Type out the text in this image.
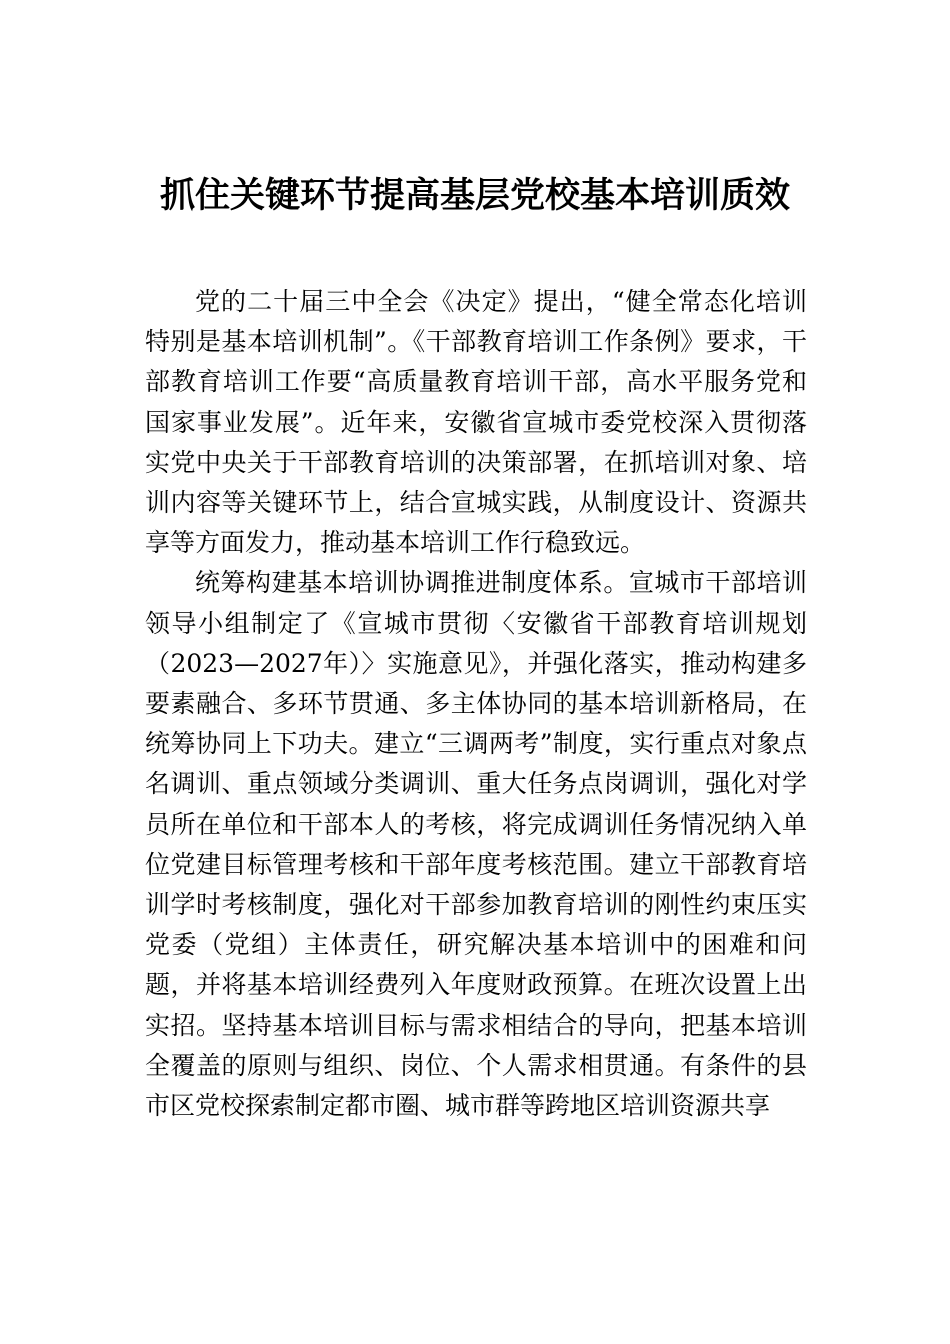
抓住关键环节提高基层党校基本培训质效

党的二十届三中全会《决定》提出，“健全常态化培训特别是基本培训机制”。《干部教育培训工作条例》要求，干部教育培训工作要“高质量教育培训干部，高水平服务党和国家事业发展”。近年来，安徽省宣城市委党校深入贯彻落实党中央关于干部教育培训的决策部署，在抓培训对象、培训内容等关键环节上，结合宣城实践，从制度设计、资源共享等方面发力，推动基本培训工作行稳致远。

统筹构建基本培训协调推进制度体系。宣城市干部培训领导小组制定了《宣城市贯彻〈安徽省干部教育培训规划（2023—2027年）〉实施意见》，并强化落实，推动构建多要素融合、多环节贯通、多主体协同的基本培训新格局，在统筹协同上下功夫。建立“三调两考”制度，实行重点对象点名调训、重点领域分类调训、重大任务点岗调训，强化对学员所在单位和干部本人的考核，将完成调训任务情况纳入单位党建目标管理考核和干部年度考核范围。建立干部教育培训学时考核制度，强化对干部参加教育培训的刚性约束压实党委（党组）主体责任，研究解决基本培训中的困难和问题，并将基本培训经费列入年度财政预算。在班次设置上出实招。坚持基本培训目标与需求相结合的导向，把基本培训全覆盖的原则与组织、岗位、个人需求相贯通。有条件的县市区党校探索制定都市圈、城市群等跨地区培训资源共享
